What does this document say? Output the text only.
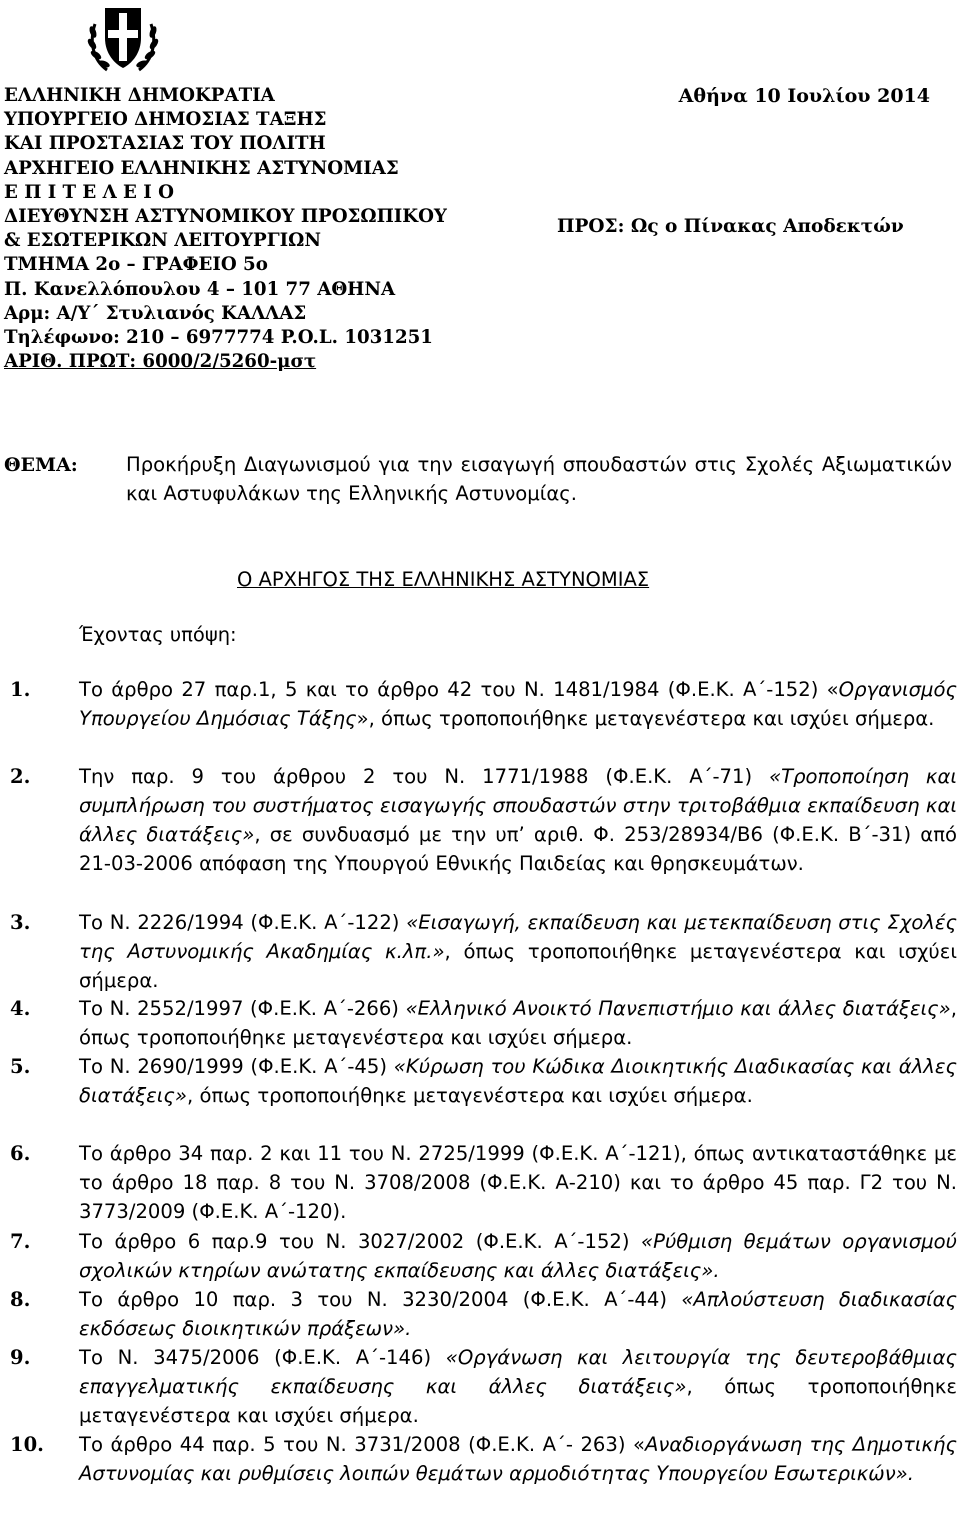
ΕΛΛΗΝΙΚΗ ΔΗΜΟΚΡΑΤΙΑ
ΥΠΟΥΡΓΕΙΟ ΔΗΜΟΣΙΑΣ ΤΑΞΗΣ
ΚΑΙ ΠΡΟΣΤΑΣΙΑΣ ΤΟΥ ΠΟΛΙΤΗ
ΑΡΧΗΓΕΙΟ ΕΛΛΗΝΙΚΗΣ ΑΣΤΥΝΟΜΙΑΣ
Ε Π Ι Τ Ε Λ Ε Ι Ο
ΔΙΕΥΘΥΝΣΗ ΑΣΤΥΝΟΜΙΚΟΥ ΠΡΟΣΩΠΙΚΟΥ
& ΕΣΩΤΕΡΙΚΩΝ ΛΕΙΤΟΥΡΓΙΩΝ
ΤΜΗΜΑ 2ο – ΓΡΑΦΕΙΟ 5ο
Π. Κανελλόπουλου 4 – 101 77 ΑΘΗΝΑ
Αρμ: Α/Υ΄ Στυλιανός ΚΑΛΛΑΣ
Τηλέφωνο: 210 – 6977774 P.O.L. 1031251
ΑΡΙΘ. ΠΡΩΤ: 6000/2/5260-μστ
Αθήνα 10 Ιουλίου 2014
ΠΡΟΣ: Ως ο Πίνακας Αποδεκτών
ΘΕΜΑ: Προκήρυξη Διαγωνισμού για την εισαγωγή σπουδαστών στις Σχολές Αξιωματικών και Αστυφυλάκων της Ελληνικής Αστυνομίας.
Ο ΑΡΧΗΓΟΣ ΤΗΣ ΕΛΛΗΝΙΚΗΣ ΑΣΤΥΝΟΜΙΑΣ
Έχοντας υπόψη:
1. Το άρθρο 27 παρ.1, 5 και το άρθρο 42 του Ν. 1481/1984 (Φ.Ε.Κ. Α΄-152) «Οργανισμός Υπουργείου Δημόσιας Τάξης», όπως τροποποιήθηκε μεταγενέστερα και ισχύει σήμερα.
2. Την παρ. 9 του άρθρου 2 του Ν. 1771/1988 (Φ.Ε.Κ. Α΄-71) «Τροποποίηση και συμπλήρωση του συστήματος εισαγωγής σπουδαστών στην τριτοβάθμια εκπαίδευση και άλλες διατάξεις», σε συνδυασμό με την υπ’ αριθ. Φ. 253/28934/Β6 (Φ.Ε.Κ. Β΄-31) από 21-03-2006 απόφαση της Υπουργού Εθνικής Παιδείας και θρησκευμάτων.
3. Το Ν. 2226/1994 (Φ.Ε.Κ. Α΄-122) «Εισαγωγή, εκπαίδευση και μετεκπαίδευση στις Σχολές της Αστυνομικής Ακαδημίας κ.λπ.», όπως τροποποιήθηκε μεταγενέστερα και ισχύει σήμερα.
4. Το Ν. 2552/1997 (Φ.Ε.Κ. Α΄-266) «Ελληνικό Ανοικτό Πανεπιστήμιο και άλλες διατάξεις», όπως τροποποιήθηκε μεταγενέστερα και ισχύει σήμερα.
5. Το Ν. 2690/1999 (Φ.Ε.Κ. Α΄-45) «Κύρωση του Κώδικα Διοικητικής Διαδικασίας και άλλες διατάξεις», όπως τροποποιήθηκε μεταγενέστερα και ισχύει σήμερα.
6. Το άρθρο 34 παρ. 2 και 11 του Ν. 2725/1999 (Φ.Ε.Κ. Α΄-121), όπως αντικαταστάθηκε με το άρθρο 18 παρ. 8 του Ν. 3708/2008 (Φ.Ε.Κ. Α-210) και το άρθρο 45 παρ. Γ2 του Ν. 3773/2009 (Φ.Ε.Κ. Α΄-120).
7. Το άρθρο 6 παρ.9 του Ν. 3027/2002 (Φ.Ε.Κ. Α΄-152) «Ρύθμιση θεμάτων οργανισμού σχολικών κτηρίων ανώτατης εκπαίδευσης και άλλες διατάξεις».
8. Το άρθρο 10 παρ. 3 του Ν. 3230/2004 (Φ.Ε.Κ. Α΄-44) «Απλούστευση διαδικασίας εκδόσεως διοικητικών πράξεων».
9. Το Ν. 3475/2006 (Φ.Ε.Κ. Α΄-146) «Οργάνωση και λειτουργία της δευτεροβάθμιας επαγγελματικής εκπαίδευσης και άλλες διατάξεις», όπως τροποποιήθηκε μεταγενέστερα και ισχύει σήμερα.
10. Το άρθρο 44 παρ. 5 του Ν. 3731/2008 (Φ.Ε.Κ. Α΄- 263) «Αναδιοργάνωση της Δημοτικής Αστυνομίας και ρυθμίσεις λοιπών θεμάτων αρμοδιότητας Υπουργείου Εσωτερικών».
